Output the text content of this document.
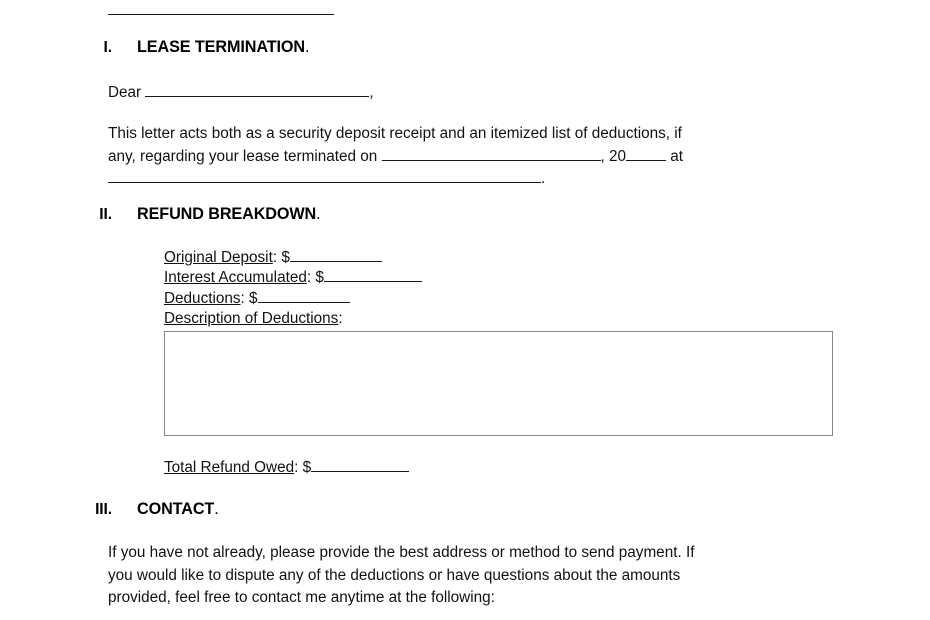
I. LEASE TERMINATION .
Dear	,
This letter acts both as a security deposit receipt and an itemized list of deductions, if
any, regarding your lease terminated on	, 20	at
.
II. REFUND BREAKDOWN .
Original Deposit: $
Interest Accumulated: $
Deductions: $
Description of Deductions:
Total Refund Owed: $
III. CONTACT .
If you have not already, please provide the best address or method to send payment. If
you would like to dispute any of the deductions or have questions about the amounts
provided, feel free to contact me anytime at the following:
